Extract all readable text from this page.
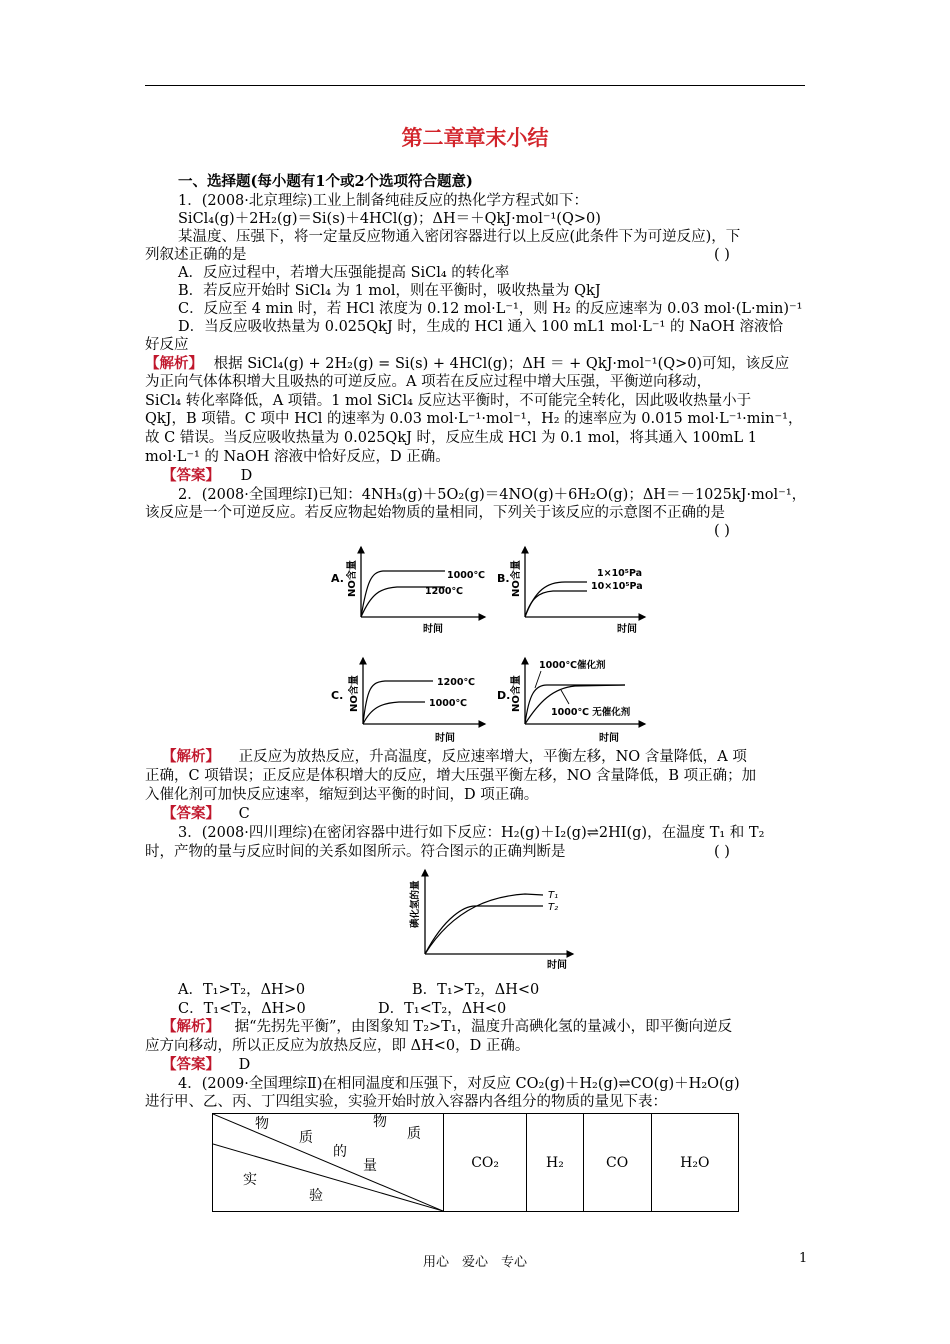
第二章章末小结
一、选择题(每小题有1个或2个选项符合题意)
1．(2008·北京理综)工业上制备纯硅反应的热化学方程式如下：
SiCl₄(g)＋2H₂(g)＝Si(s)＋4HCl(g)；ΔH＝＋QkJ·mol⁻¹(Q>0)
某温度、压强下，将一定量反应物通入密闭容器进行以上反应(此条件下为可逆反应)，下
列叙述正确的是	( )
A．反应过程中，若增大压强能提高 SiCl₄ 的转化率
B．若反应开始时 SiCl₄ 为 1 mol，则在平衡时，吸收热量为 QkJ
C．反应至 4 min 时，若 HCl 浓度为 0.12 mol·L⁻¹，则 H₂ 的反应速率为 0.03 mol·(L·min)⁻¹
D．当反应吸收热量为 0.025QkJ 时，生成的 HCl 通入 100 mL1 mol·L⁻¹ 的 NaOH 溶液恰
好反应
【解析】 根据 SiCl₄(g) + 2H₂(g) = Si(s) + 4HCl(g)；ΔH ＝ + QkJ·mol⁻¹(Q>0)可知，该反应
为正向气体体积增大且吸热的可逆反应。A 项若在反应过程中增大压强，平衡逆向移动，
SiCl₄ 转化率降低，A 项错。1 mol SiCl₄ 反应达平衡时，不可能完全转化，因此吸收热量小于
QkJ，B 项错。C 项中 HCl 的速率为 0.03 mol·L⁻¹·mol⁻¹，H₂ 的速率应为 0.015 mol·L⁻¹·min⁻¹，
故 C 错误。当反应吸收热量为 0.025QkJ 时，反应生成 HCl 为 0.1 mol，将其通入 100mL 1
mol·L⁻¹ 的 NaOH 溶液中恰好反应，D 正确。
【答案】 D
2．(2008·全国理综Ⅰ)已知：4NH₃(g)＋5O₂(g)＝4NO(g)＋6H₂O(g)；ΔH＝－1025kJ·mol⁻¹，
该反应是一个可逆反应。若反应物起始物质的量相同，下列关于该反应的示意图不正确的是
( )
A. NO含量
时间
1000℃
1200℃
B. NO含量
时间
1×10⁵Pa
10×10⁵Pa
C. NO含量
时间
1200℃
1000℃
D. NO含量
时间
1000℃催化剂
1000℃ 无催化剂
【解析】 正反应为放热反应，升高温度，反应速率增大，平衡左移，NO 含量降低，A 项
正确，C 项错误；正反应是体积增大的反应，增大压强平衡左移，NO 含量降低，B 项正确；加
入催化剂可加快反应速率，缩短到达平衡的时间，D 项正确。
【答案】 C
3．(2008·四川理综)在密闭容器中进行如下反应：H₂(g)＋I₂(g)⇌2HI(g)，在温度 T₁ 和 T₂
时，产物的量与反应时间的关系如图所示。符合图示的正确判断是	( )
碘化氢的量
时间
T₁
T₂
A．T₁>T₂，ΔH>0	B．T₁>T₂，ΔH<0
C．T₁<T₂，ΔH>0	D．T₁<T₂，ΔH<0
【解析】 据“先拐先平衡”，由图象知 T₂>T₁，温度升高碘化氢的量减小，即平衡向逆反
应方向移动，所以正反应为放热反应，即 ΔH<0，D 正确。
【答案】 D
4．(2009·全国理综Ⅱ)在相同温度和压强下，对反应 CO₂(g)＋H₂(g)⇌CO(g)＋H₂O(g)
进行甲、乙、丙、丁四组实验，实验开始时放入容器内各组分的物质的量见下表：
物
质
的
量
物
质
实
验
	CO₂	H₂	CO	H₂O
用心　爱心　专心	1
